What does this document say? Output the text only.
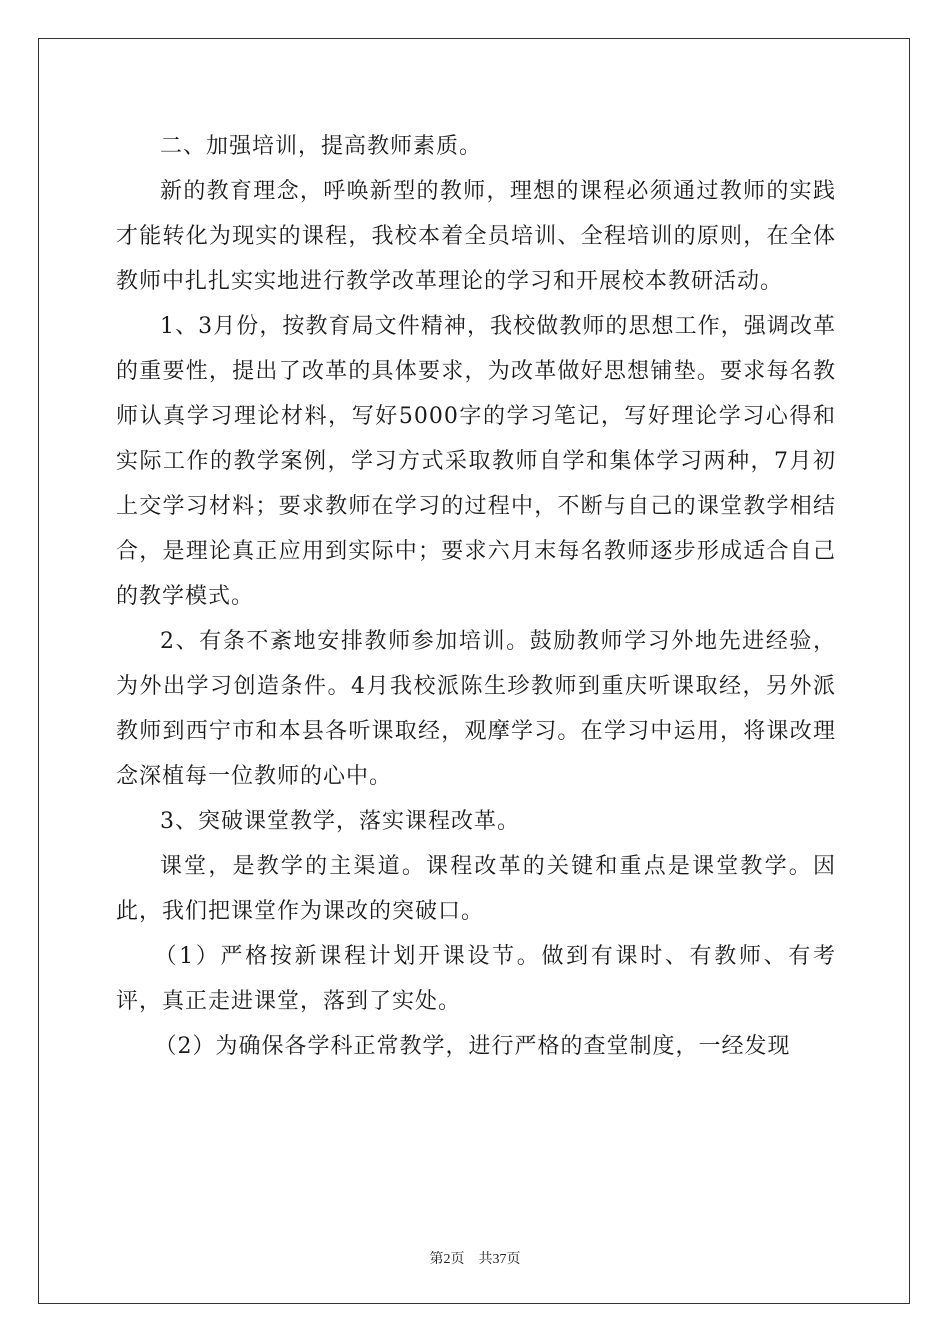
二、加强培训，提高教师素质。

新的教育理念，呼唤新型的教师，理想的课程必须通过教师的实践才能转化为现实的课程，我校本着全员培训、全程培训的原则，在全体教师中扎扎实实地进行教学改革理论的学习和开展校本教研活动。

1、3月份，按教育局文件精神，我校做教师的思想工作，强调改革的重要性，提出了改革的具体要求，为改革做好思想铺垫。要求每名教师认真学习理论材料，写好5000字的学习笔记，写好理论学习心得和实际工作的教学案例，学习方式采取教师自学和集体学习两种，7月初上交学习材料；要求教师在学习的过程中，不断与自己的课堂教学相结合，是理论真正应用到实际中；要求六月末每名教师逐步形成适合自己的教学模式。

2、有条不紊地安排教师参加培训。鼓励教师学习外地先进经验，为外出学习创造条件。4月我校派陈生珍教师到重庆听课取经，另外派教师到西宁市和本县各听课取经，观摩学习。在学习中运用，将课改理念深植每一位教师的心中。

3、突破课堂教学，落实课程改革。

课堂，是教学的主渠道。课程改革的关键和重点是课堂教学。因此，我们把课堂作为课改的突破口。

（1）严格按新课程计划开课设节。做到有课时、有教师、有考评，真正走进课堂，落到了实处。

（2）为确保各学科正常教学，进行严格的查堂制度，一经发现

第2页 共37页
